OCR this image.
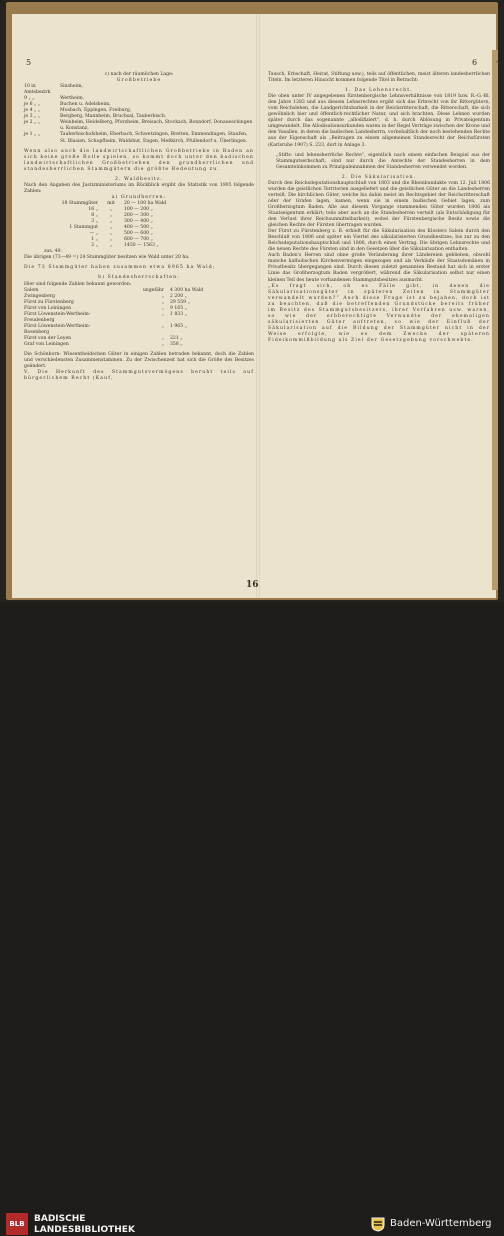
7
5	6

c) nach der räumlichen Lage:

Großbetriebe

10 in Amtsbezirk
Sinsheim,
9 „ „	Wertheim,
je 6 „ „	Buchen u. Adelsheim,
je 4 „ „	Mosbach, Eppingen, Freiburg,
je 3 „ „	Bergberg, Mannheim, Bruchsal, Tauberbisch.
je 2 „ „	Weinheim, Heidelberg, Pforzheim, Breisach, Stockach, Bonndorf, Donaueschingen u. Konstanz,
je 1 „ „	Tauberbischofsheim, Eberbach, Schwetzingen, Bretten, Emmendingen, Staufen, St. Blasien, Schopfheim, Waldshut, Engen, Meßkirch, Pfullendorf u. Überlingen.

Wenn also auch die landwirtschaftlichen Großbetriebe in Baden an sich keine große Rolle spielen, so kommt doch unter den badischen landwirtschaftlichen Großbetrieben den grundherrlichen und standesherrlichen Stammgütern die größte Bedeutung zu.

2. Waldbesitz.

Nach den Angaben des Justizministeriums im Rückblick ergibt die Statistik von 1905 folgende Zahlen:

a) Grundherren:

18 Stammgüter	mit	20 — 100 ha Wald
16 „	„	100 — 200 „
8 „	„	200 — 300 „
3 „	„	300 — 400 „
1 Stammgut	„	400 — 500 „
— „	„	500 — 600 „
1 „	„	600 — 700 „
2 „	„	1450 — 1563 „

zus. 49.

Die übrigen (73—49 =) 24 Stammgüter besitzen wie Wald unter 20 ha.

Die 73 Stammgüter haben zusammen etwa 8965 ha Wald;

b) Standesherrschaften:

Hier sind folgende Zahlen bekannt geworden:

Salem	ungefähr	4 300 ha Wald
Zwingenberg	„	2 200 „
Fürst zu Fürstenberg	„	29 559 „
Fürst von Leiningen	„	9 165 „
Fürst Löwenstein-Wertheim-Freudenberg
„	1 833 „
Fürst Löwenstein-Wertheim-Rosenberg
„	1 965 „
Fürst von der Leyen	„	221 „
Graf von Leiningen	„	358 „

Die Schönborn- Wiesentheidschen Güter in einigen Zahlen betraden bekannt, doch die Zahlen und verschiedensten Zusammenstammen. Zu der Zwischenzeit hat sich die Größe des Besitzes geändert.

V. Die Herkunft des Stammgutsvermögens beruht teils auf bürgerlichem Recht (Kauf,

Tausch, Erbschaft, Heirat, Stiftung usw.), teils auf öffentlichen, meist älteren landesherrlichen Titeln. Im letzteren Hinsicht kommen folgende Titel in Betracht:

1. Das Lehensrecht.

Die oben unter IV angegebenen fürstenbergische Lehnsverhältnisse von 1819 bzw. R.-G.-Bl. den Jahre 1283 und aus diesem Lehnsrechtes ergibt sich das Erbrecht von ihr Rittergütern, vom Reichslehen, die Landgerichtsbarkeit in der Reichsritterschaft, die Ritterschaft, die sich gewöhnlich hier und öffentlich-rechtlicher Natur, und sich brachten, Diese Lehnen wurden später durch das sogenannte „allodifiziert“, d. h. durch Ablösung in Privateigentum umgewandelt. Die Allodisationsurkunden waren in der Regel Verträge zwischen der Krone und den Vasallen, in deren die badischen Landesherrn, vorbehaltlich der noch bestehenden Rechte aus der Eigenschaft als „Beitragen zu einem allgemeinen Standesrecht der Reichsfürsten (Karlsruhe 1907) S. 233, dort in Anlage 3.

„Stifts- und lehensherrliche Rechte“, eigentlich nach einem einfachen Beispiel aus der Stammgutserbschaft, sind nur durch die Anrechte der Standesherren in dem Gesamteinkommen zu Prinzipaleinnahmen der Standesherren verwendet worden.

2. Die Säkularisation.

Durch den Reichsdeputationshauptschluß von 1803 und die Rheinbundakte vom 12. Juli 1806 wurden die geistlichen Territorien ausgeliefert und die geistlichen Güter an die Landesherren verteilt. Die kirchlichen Güter, welche bis dahin meist im Rechtsgebiet der Reichsritterschaft oder der Grafen lagen, kamen, wenn sie in einem badischen Gebiet lagen, zum Großherzogtum Baden. Alle aus diesem Vorgange stammenden Güter wurden 1806 als Staatseigentum erklärt; teils aber auch an die Standesherren verteilt (als Entschädigung für den Verlust ihrer Reichsunmittelbarkeit), wobei der Fürstenbergische Besitz sowie die gleichen Rechte der Fürsten übertragen wurden.

Der Fürst zu Fürstenberg z. B. erhielt für die Säkularisation des Klosters Salem durch den Beschluß von 1806 und später ein Viertel des säkularisierten Grundbesitzes; bis zur zu den Reichsdeputationshauptschluß und 1806, durch einen Vertrag. Die übrigen Lehnsrechte und die neuen Rechte des Fürsten sind in den Gesetzen über die Säkularisation enthalten.

Auch Baden's Herren sind ohne große Veränderung ihrer Ländereien geblieben, obwohl manche katholischen Kirchenvermögen eingezogen und als Verkäufe der Staatsdomänen in Privatbesitz übergegangen sind. Durch diesen zuletzt genannten Bestand hat sich in erster Linie das Großherzogtum Baden vergrößert, während die Säkularisation selbst nur einen kleinen Teil des heute vorhandenen Stammgutsbesitzes ausmacht.

„Es fragt sich, ob es Fälle gibt, in denen die Säkularisationsgüter in späteren Zeiten in Stammgüter verwandelt wurden?“ Auch diese Frage ist zu bejahen, doch ist zu beachten, daß die betreffenden Grundstücke bereits früher im Besitz des Stammgutsbesitzers, ihrer Vorfahren usw. waren, so wie der erbberechtigte Verwandte der ehemaligen säkularisierten Güter auftreten, so wie der Einfluß der Säkularisation auf die Bildung der Stammgüter nicht in der Weise erfolgte, wie es dem Zwecke der späteren Fideikommißbildung als Ziel der Gesetzgebung vorschwebte.

16
BLB	BADISCHE
LANDESBIBLIOTHEK
Baden-Württemberg
